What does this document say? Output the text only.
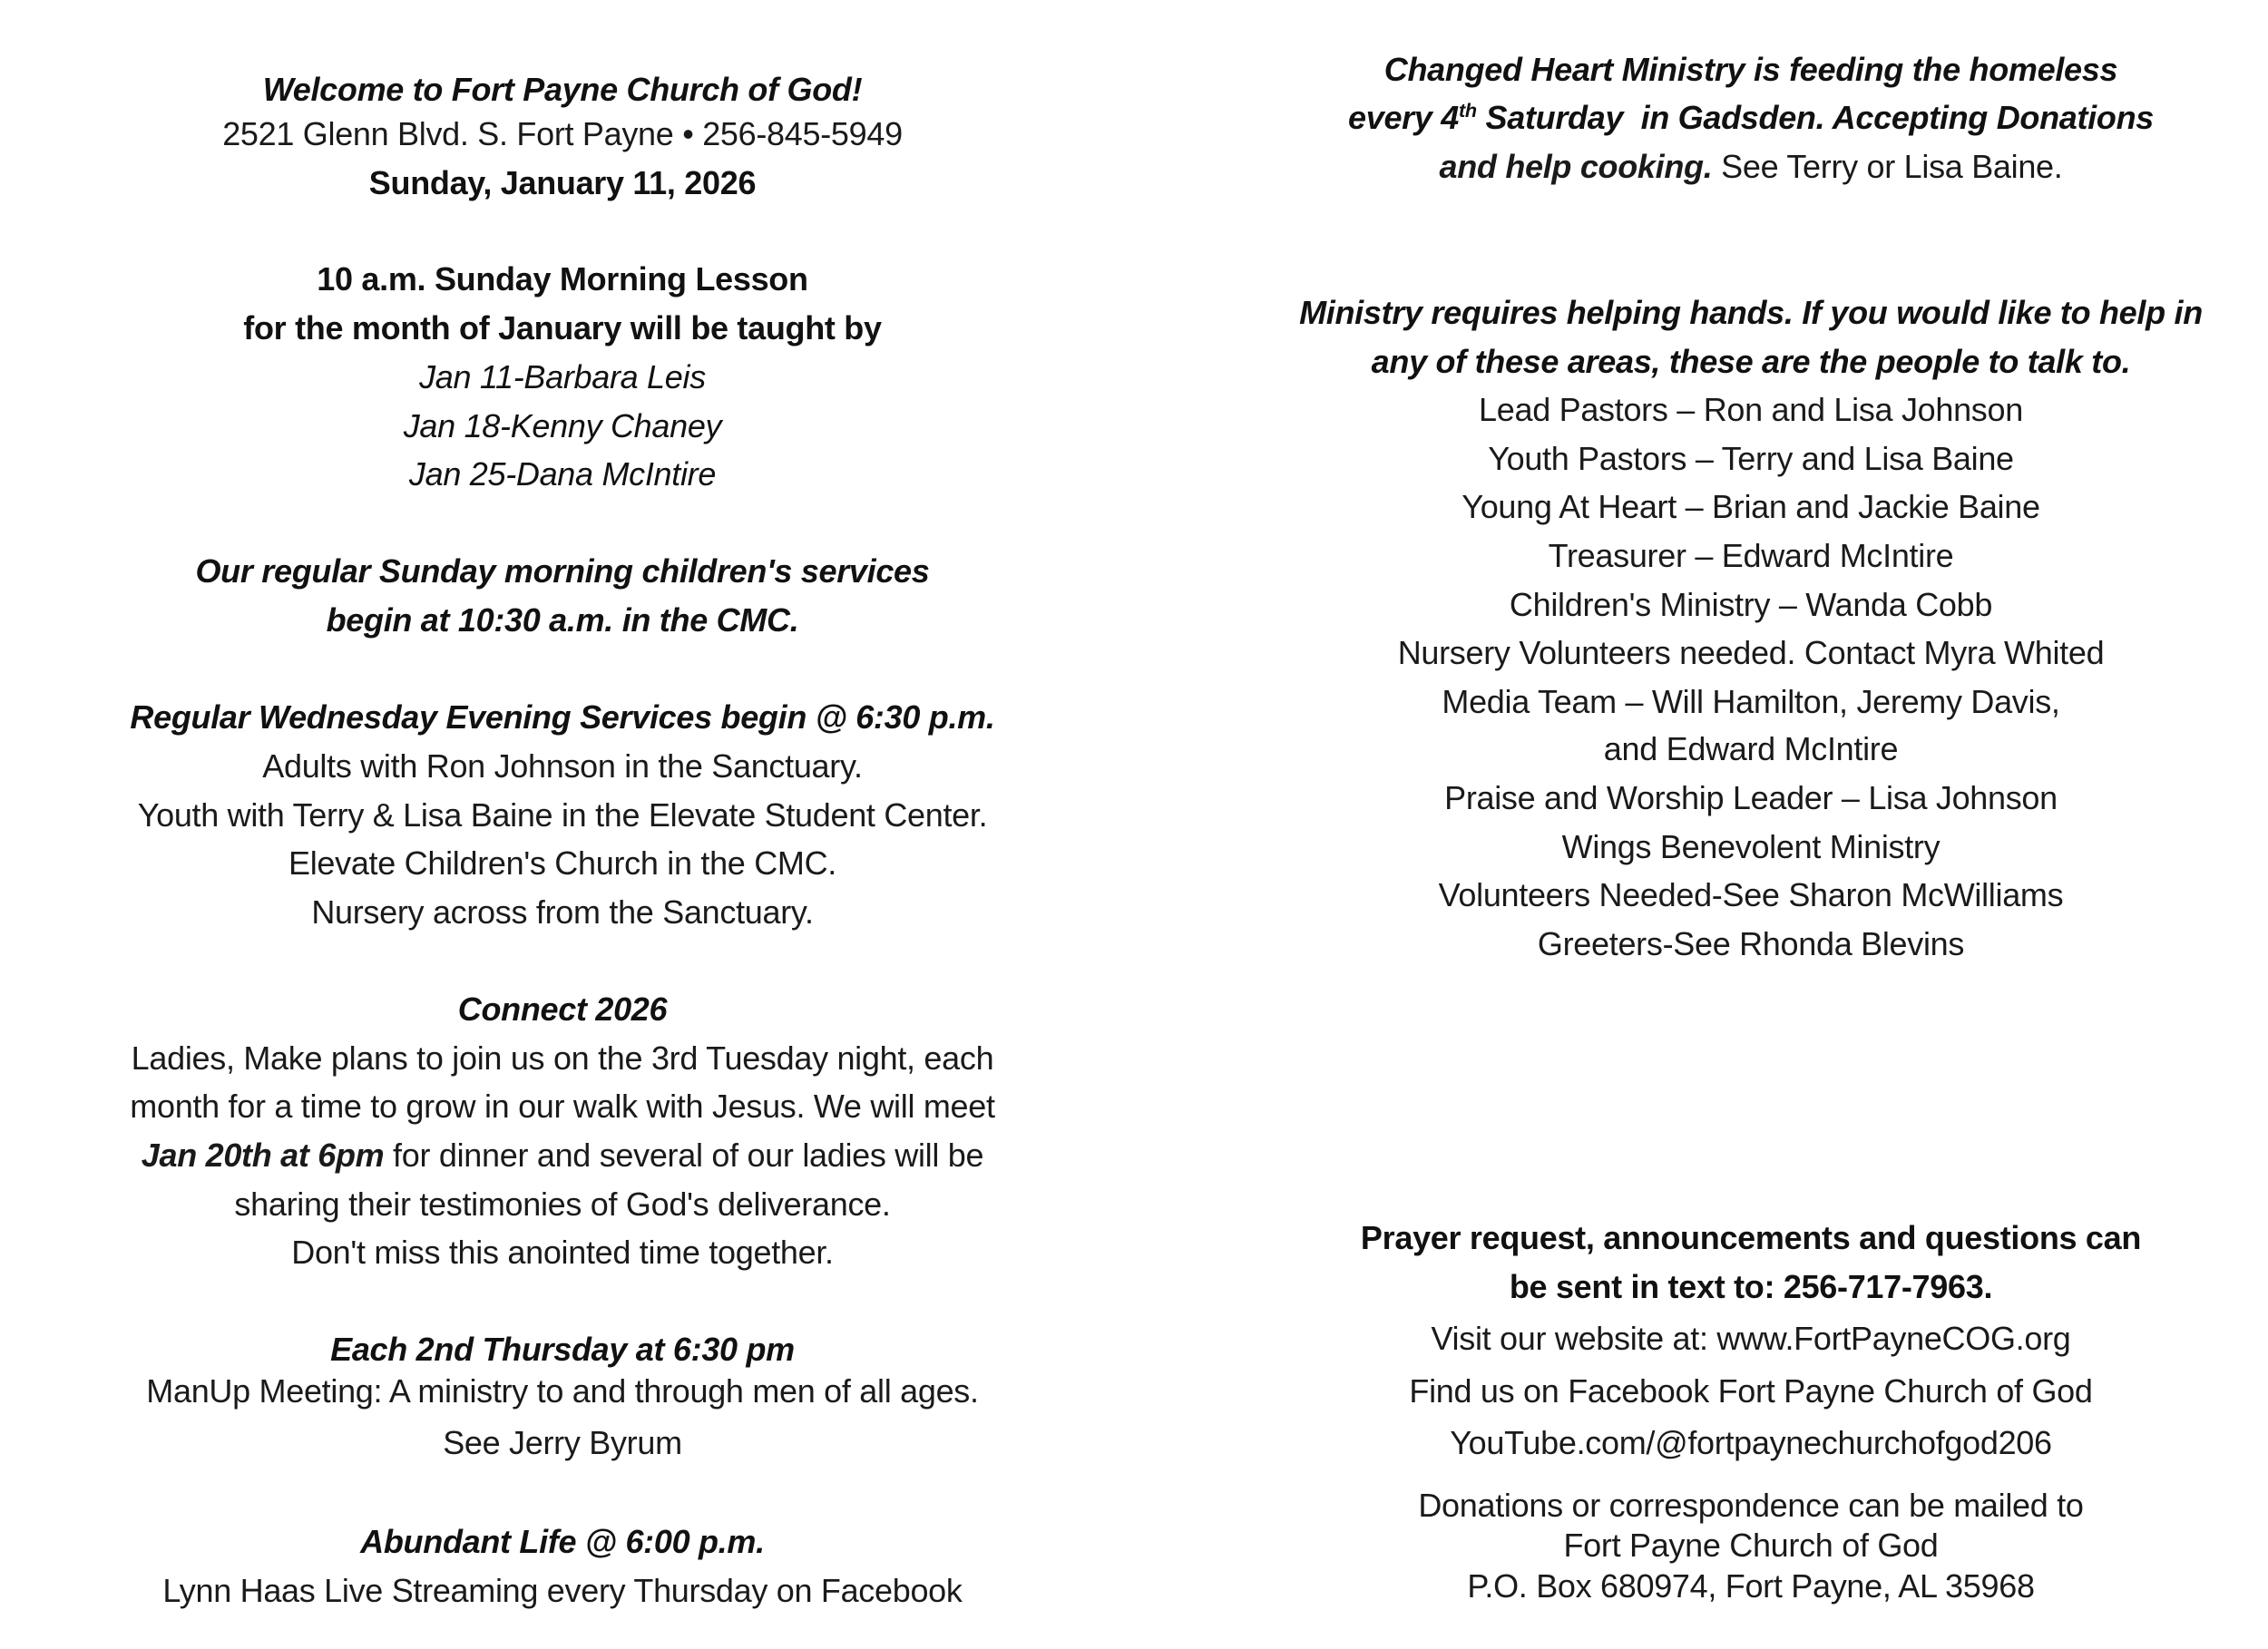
Welcome to Fort Payne Church of God!
2521 Glenn Blvd. S. Fort Payne • 256-845-5949
Sunday, January 11, 2026
10 a.m. Sunday Morning Lesson
for the month of January will be taught by
Jan 11-Barbara Leis
Jan 18-Kenny Chaney
Jan 25-Dana McIntire
Our regular Sunday morning children's services
begin at 10:30 a.m. in the CMC.
Regular Wednesday Evening Services begin @ 6:30 p.m.
Adults with Ron Johnson in the Sanctuary.
Youth with Terry & Lisa Baine in the Elevate Student Center.
Elevate Children's Church in the CMC.
Nursery across from the Sanctuary.
Connect 2026
Ladies, Make plans to join us on the 3rd Tuesday night, each
month for a time to grow in our walk with Jesus. We will meet
Jan 20th at 6pm for dinner and several of our ladies will be
sharing their testimonies of God's deliverance.
Don't miss this anointed time together.
Each 2nd Thursday at 6:30 pm
ManUp Meeting: A ministry to and through men of all ages.
See Jerry Byrum
Abundant Life @ 6:00 p.m.
Lynn Haas Live Streaming every Thursday on Facebook
Changed Heart Ministry is feeding the homeless
every 4th Saturday  in Gadsden. Accepting Donations
and help cooking. See Terry or Lisa Baine.
Ministry requires helping hands. If you would like to help in
any of these areas, these are the people to talk to.
Lead Pastors – Ron and Lisa Johnson
Youth Pastors – Terry and Lisa Baine
Young At Heart – Brian and Jackie Baine
Treasurer – Edward McIntire
Children's Ministry – Wanda Cobb
Nursery Volunteers needed. Contact Myra Whited
Media Team – Will Hamilton, Jeremy Davis,
and Edward McIntire
Praise and Worship Leader – Lisa Johnson
Wings Benevolent Ministry
Volunteers Needed-See Sharon McWilliams
Greeters-See Rhonda Blevins
Prayer request, announcements and questions can
be sent in text to: 256-717-7963.
Visit our website at: www.FortPayneCOG.org
Find us on Facebook Fort Payne Church of God
YouTube.com/@fortpaynechurchofgod206
Donations or correspondence can be mailed to
Fort Payne Church of God
P.O. Box 680974, Fort Payne, AL 35968
